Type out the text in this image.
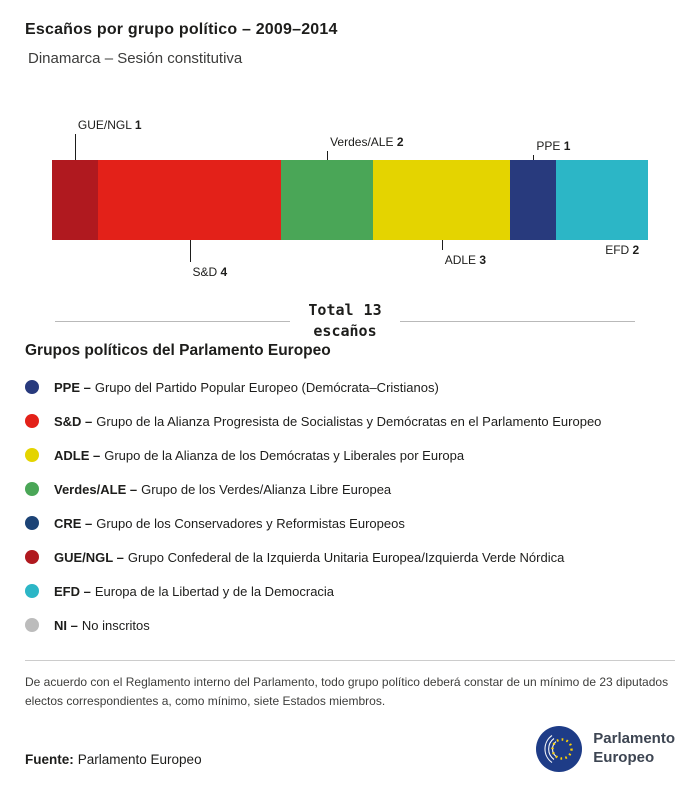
Escaños por grupo político – 2009–2014
Dinamarca – Sesión constitutiva
GUE/NGL 1
S&D 4
Verdes/ALE 2
ADLE 3
PPE 1
EFD 2
Total 13
escaños
Grupos políticos del Parlamento Europeo
PPE – Grupo del Partido Popular Europeo (Demócrata–Cristianos)
S&D – Grupo de la Alianza Progresista de Socialistas y Demócratas en el Parlamento Europeo
ADLE – Grupo de la Alianza de los Demócratas y Liberales por Europa
Verdes/ALE – Grupo de los Verdes/Alianza Libre Europea
CRE – Grupo de los Conservadores y Reformistas Europeos
GUE/NGL – Grupo Confederal de la Izquierda Unitaria Europea/Izquierda Verde Nórdica
EFD – Europa de la Libertad y de la Democracia
NI – No inscritos
De acuerdo con el Reglamento interno del Parlamento, todo grupo político deberá constar de un mínimo de 23 diputados electos correspondientes a, como mínimo, siete Estados miembros.
Fuente: Parlamento Europeo
Parlamento
Europeo
